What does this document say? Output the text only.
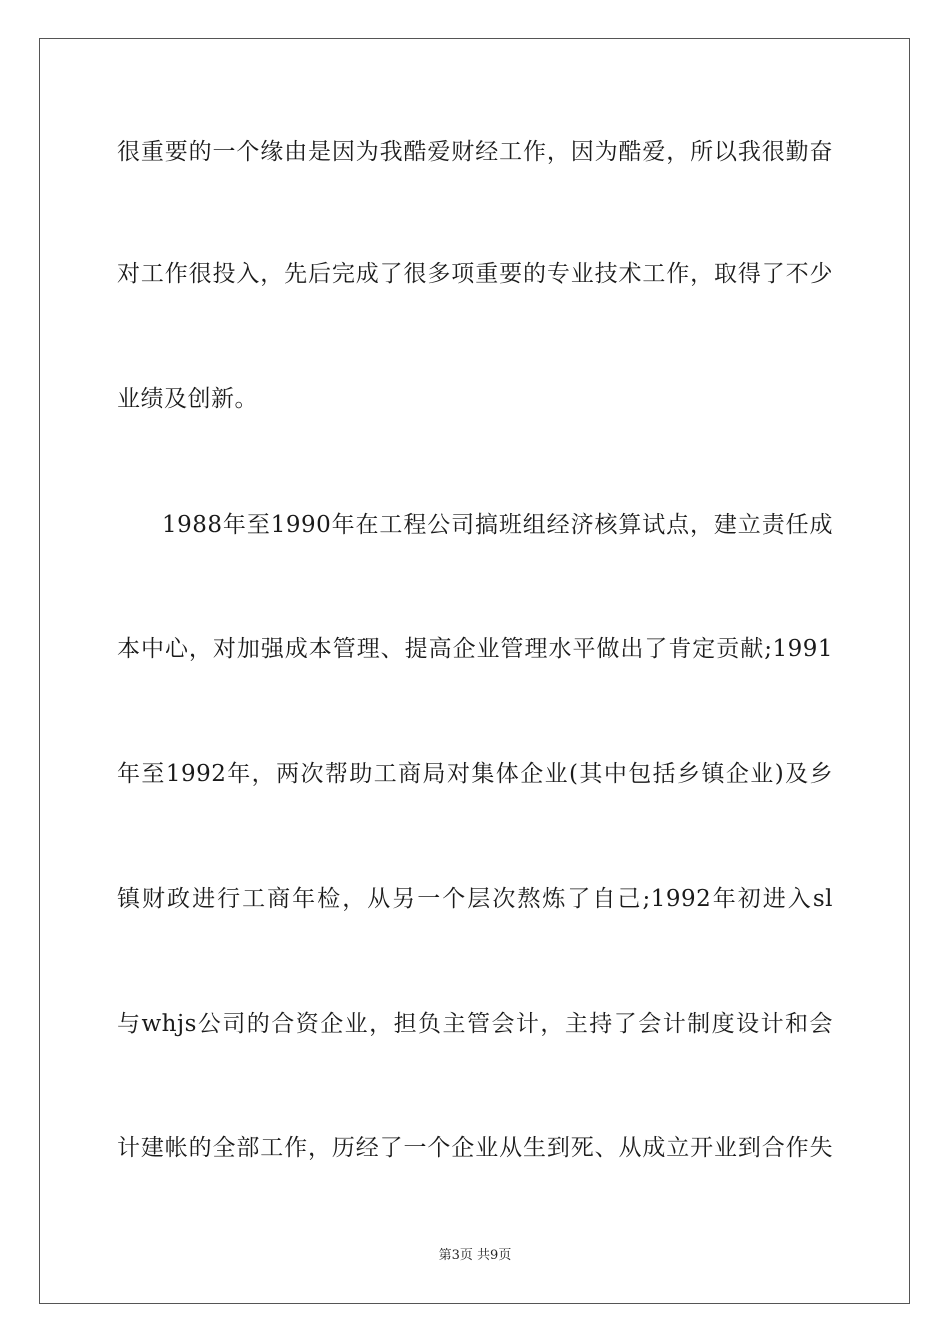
很重要的一个缘由是因为我酷爱财经工作，因为酷爱，所以我很勤奋
对工作很投入，先后完成了很多项重要的专业技术工作，取得了不少
业绩及创新。
1988年至1990年在工程公司搞班组经济核算试点，建立责任成
本中心，对加强成本管理、提高企业管理水平做出了肯定贡献;1991
年至1992年，两次帮助工商局对集体企业(其中包括乡镇企业)及乡
镇财政进行工商年检，从另一个层次熬炼了自己;1992年初进入sl
与whjs公司的合资企业，担负主管会计，主持了会计制度设计和会
计建帐的全部工作，历经了一个企业从生到死、从成立开业到合作失
第3页 共9页
